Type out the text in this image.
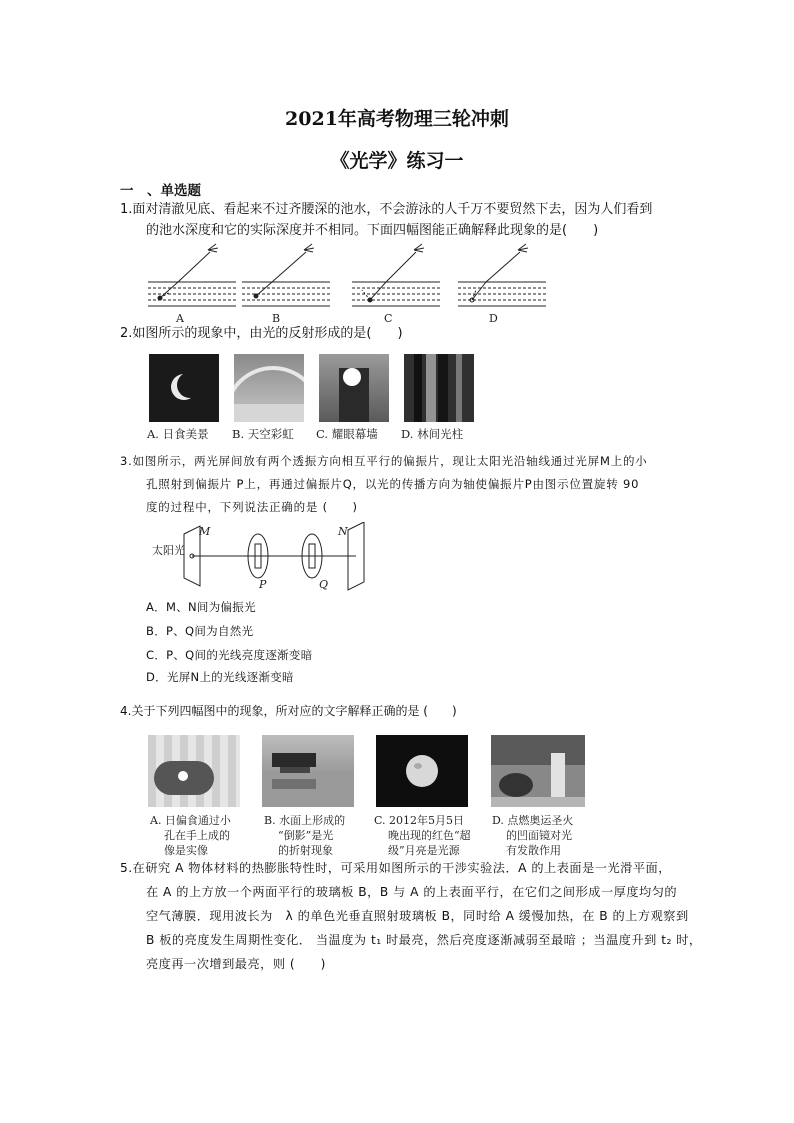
2021年高考物理三轮冲刺
《光学》练习一
一　、单选题
1.面对清澈见底、看起来不过齐腰深的池水，不会游泳的人千万不要贸然下去，因为人们看到
的池水深度和它的实际深度并不相同。下面四幅图能正确解释此现象的是(　　)
A	B	C	D
2.如图所示的现象中，由光的反射形成的是(　　)
A. 日食美景 B. 天空彩虹 C. 耀眼幕墙 D. 林间光柱
3.如图所示，两光屏间放有两个透振方向相互平行的偏振片，现让太阳光沿轴线通过光屏M上的小
孔照射到偏振片 P上，再通过偏振片Q，以光的传播方向为轴使偏振片P由图示位置旋转 90
度的过程中，下列说法正确的是 (　　)
太阳光
M	N
P	Q
A．M、N间为偏振光
B．P、Q间为自然光
C．P、Q间的光线亮度逐渐变暗
D．光屏N上的光线逐渐变暗
4.关于下列四幅图中的现象，所对应的文字解释正确的是 (　　)
A. 日偏食通过小
孔在手上成的
像是实像
B. 水面上形成的
“倒影”是光
的折射现象
C. 2012年5月5日
晚出现的红色“超
级”月亮是光源
D. 点燃奥运圣火
的凹面镜对光
有发散作用
5.在研究 A 物体材料的热膨胀特性时，可采用如图所示的干涉实验法．A 的上表面是一光滑平面，
在 A 的上方放一个两面平行的玻璃板 B，B 与 A 的上表面平行，在它们之间形成一厚度均匀的
空气薄膜．现用波长为　λ 的单色光垂直照射玻璃板 B，同时给 A 缓慢加热，在 B 的上方观察到
B 板的亮度发生周期性变化． 当温度为 t₁ 时最亮，然后亮度逐渐减弱至最暗 ；当温度升到 t₂ 时，
亮度再一次增到最亮，则 (　　)
